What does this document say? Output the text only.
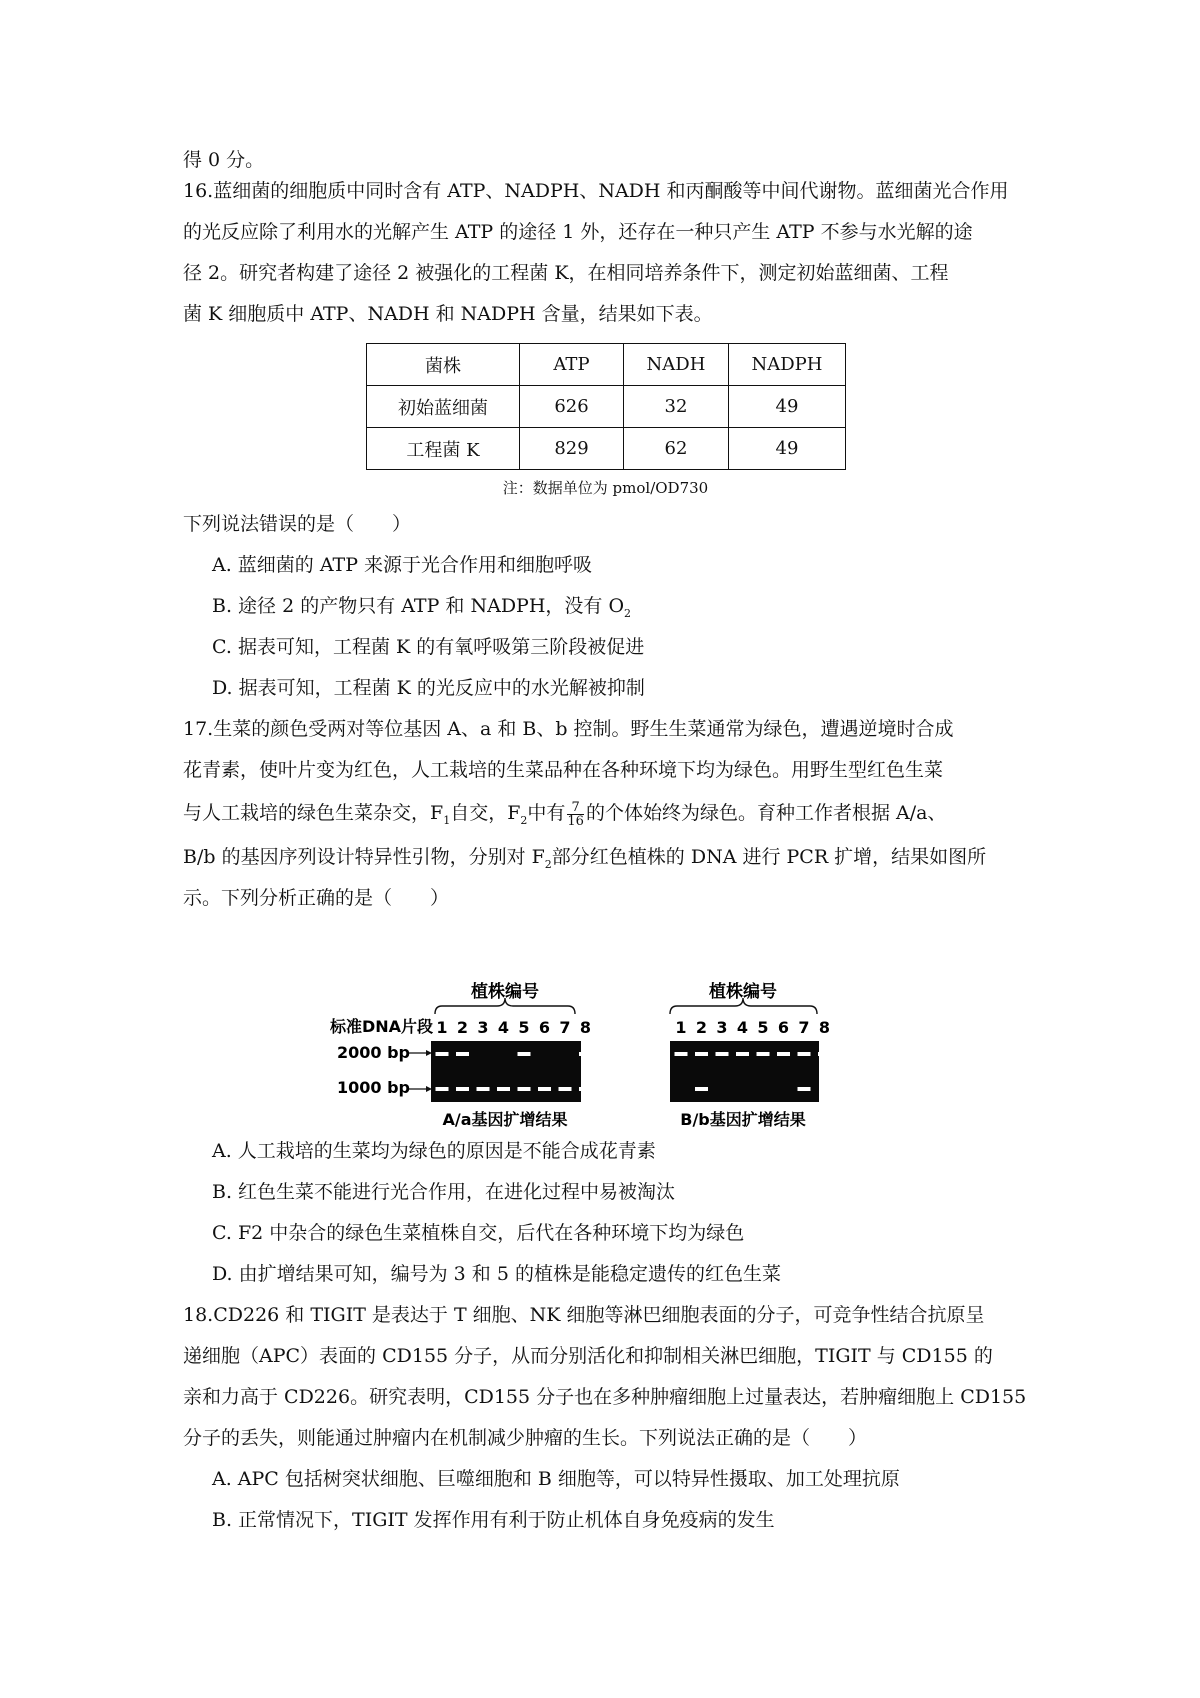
得 0 分。
16.蓝细菌的细胞质中同时含有 ATP、NADPH、NADH 和丙酮酸等中间代谢物。蓝细菌光合作用
的光反应除了利用水的光解产生 ATP 的途径 1 外，还存在一种只产生 ATP 不参与水光解的途
径 2。研究者构建了途径 2 被强化的工程菌 K，在相同培养条件下，测定初始蓝细菌、工程
菌 K 细胞质中 ATP、NADH 和 NADPH 含量，结果如下表。
菌株	ATP	NADH	NADPH
初始蓝细菌	626	32	49
工程菌 K	829	62	49
注：数据单位为 pmol/OD730
下列说法错误的是（　　）
A. 蓝细菌的 ATP 来源于光合作用和细胞呼吸
B. 途径 2 的产物只有 ATP 和 NADPH，没有 $O_2$
C. 据表可知，工程菌 K 的有氧呼吸第三阶段被促进
D. 据表可知，工程菌 K 的光反应中的水光解被抑制
17.生菜的颜色受两对等位基因 A、a 和 B、b 控制。野生生菜通常为绿色，遭遇逆境时合成
花青素，使叶片变为红色，人工栽培的生菜品种在各种环境下均为绿色。用野生型红色生菜
与人工栽培的绿色生菜杂交，$F_1$自交，$F_2$中有 $\frac{7}{16}$ 的个体始终为绿色。育种工作者根据 A/a、
B/b 的基因序列设计特异性引物，分别对 $F_2$部分红色植株的 DNA 进行 PCR 扩增，结果如图所
示。下列分析正确的是（　　）
植株编号	植株编号
标准DNA片段 1 2 3 4 5 6 7 8	1 2 3 4 5 6 7 8
2000 bp
1000 bp
A/a基因扩增结果	B/b基因扩增结果
A. 人工栽培的生菜均为绿色的原因是不能合成花青素
B. 红色生菜不能进行光合作用，在进化过程中易被淘汰
C. F2 中杂合的绿色生菜植株自交，后代在各种环境下均为绿色
D. 由扩增结果可知，编号为 3 和 5 的植株是能稳定遗传的红色生菜
18.CD226 和 TIGIT 是表达于 T 细胞、NK 细胞等淋巴细胞表面的分子，可竞争性结合抗原呈
递细胞（APC）表面的 CD155 分子，从而分别活化和抑制相关淋巴细胞，TIGIT 与 CD155 的
亲和力高于 CD226。研究表明，CD155 分子也在多种肿瘤细胞上过量表达，若肿瘤细胞上 CD155
分子的丢失，则能通过肿瘤内在机制减少肿瘤的生长。下列说法正确的是（　　）
A. APC 包括树突状细胞、巨噬细胞和 B 细胞等，可以特异性摄取、加工处理抗原
B. 正常情况下，TIGIT 发挥作用有利于防止机体自身免疫病的发生
